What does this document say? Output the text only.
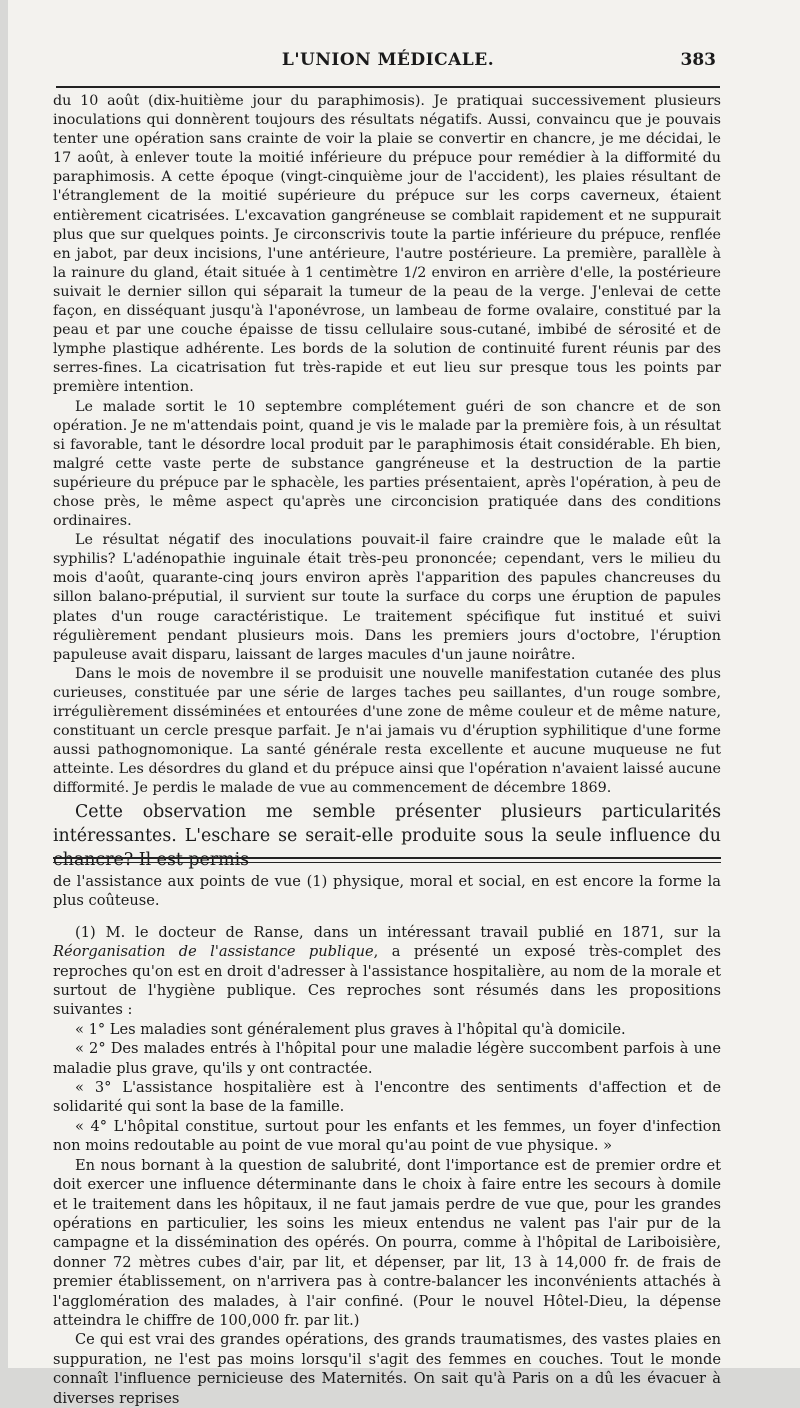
L'UNION MÉDICALE.	383

du 10 août (dix-huitième jour du paraphimosis). Je pratiquai successivement plusieurs inoculations qui donnèrent toujours des résultats négatifs. Aussi, convaincu que je pouvais tenter une opération sans crainte de voir la plaie se convertir en chancre, je me décidai, le 17 août, à enlever toute la moitié inférieure du prépuce pour remédier à la difformité du paraphimosis. A cette époque (vingt-cinquième jour de l'accident), les plaies résultant de l'étranglement de la moitié supérieure du prépuce sur les corps caverneux, étaient entièrement cicatrisées. L'excavation gangréneuse se comblait rapidement et ne suppurait plus que sur quelques points. Je circonscrivis toute la partie inférieure du prépuce, renflée en jabot, par deux incisions, l'une antérieure, l'autre postérieure. La première, parallèle à la rainure du gland, était située à 1 centimètre 1/2 environ en arrière d'elle, la postérieure suivait le dernier sillon qui séparait la tumeur de la peau de la verge. J'enlevai de cette façon, en disséquant jusqu'à l'aponévrose, un lambeau de forme ovalaire, constitué par la peau et par une couche épaisse de tissu cellulaire sous-cutané, imbibé de sérosité et de lymphe plastique adhérente. Les bords de la solution de continuité furent réunis par des serres-fines. La cicatrisation fut très-rapide et eut lieu sur presque tous les points par première intention.

Le malade sortit le 10 septembre complétement guéri de son chancre et de son opération. Je ne m'attendais point, quand je vis le malade par la première fois, à un résultat si favorable, tant le désordre local produit par le paraphimosis était considérable. Eh bien, malgré cette vaste perte de substance gangréneuse et la destruction de la partie supérieure du prépuce par le sphacèle, les parties présentaient, après l'opération, à peu de chose près, le même aspect qu'après une circoncision pratiquée dans des conditions ordinaires.

Le résultat négatif des inoculations pouvait-il faire craindre que le malade eût la syphilis? L'adénopathie inguinale était très-peu prononcée; cependant, vers le milieu du mois d'août, quarante-cinq jours environ après l'apparition des papules chancreuses du sillon balano-préputial, il survient sur toute la surface du corps une éruption de papules plates d'un rouge caractéristique. Le traitement spécifique fut institué et suivi régulièrement pendant plusieurs mois. Dans les premiers jours d'octobre, l'éruption papuleuse avait disparu, laissant de larges macules d'un jaune noirâtre.

Dans le mois de novembre il se produisit une nouvelle manifestation cutanée des plus curieuses, constituée par une série de larges taches peu saillantes, d'un rouge sombre, irrégulièrement disséminées et entourées d'une zone de même couleur et de même nature, constituant un cercle presque parfait. Je n'ai jamais vu d'éruption syphilitique d'une forme aussi pathognomonique. La santé générale resta excellente et aucune muqueuse ne fut atteinte. Les désordres du gland et du prépuce ainsi que l'opération n'avaient laissé aucune difformité. Je perdis le malade de vue au commencement de décembre 1869.

Cette observation me semble présenter plusieurs particularités intéressantes. L'eschare se serait-elle produite sous la seule influence du chancre? Il est permis

de l'assistance aux points de vue (1) physique, moral et social, en est encore la forme la plus coûteuse.

(1) M. le docteur de Ranse, dans un intéressant travail publié en 1871, sur la Réorganisation de l'assistance publique, a présenté un exposé très-complet des reproches qu'on est en droit d'adresser à l'assistance hospitalière, au nom de la morale et surtout de l'hygiène publique. Ces reproches sont résumés dans les propositions suivantes :

« 1° Les maladies sont généralement plus graves à l'hôpital qu'à domicile.

« 2° Des malades entrés à l'hôpital pour une maladie légère succombent parfois à une maladie plus grave, qu'ils y ont contractée.

« 3° L'assistance hospitalière est à l'encontre des sentiments d'affection et de solidarité qui sont la base de la famille.

« 4° L'hôpital constitue, surtout pour les enfants et les femmes, un foyer d'infection non moins redoutable au point de vue moral qu'au point de vue physique. »

En nous bornant à la question de salubrité, dont l'importance est de premier ordre et doit exercer une influence déterminante dans le choix à faire entre les secours à domile et le traitement dans les hôpitaux, il ne faut jamais perdre de vue que, pour les grandes opérations en particulier, les soins les mieux entendus ne valent pas l'air pur de la campagne et la dissémination des opérés. On pourra, comme à l'hôpital de Lariboisière, donner 72 mètres cubes d'air, par lit, et dépenser, par lit, 13 à 14,000 fr. de frais de premier établissement, on n'arrivera pas à contre-balancer les inconvénients attachés à l'agglomération des malades, à l'air confiné. (Pour le nouvel Hôtel-Dieu, la dépense atteindra le chiffre de 100,000 fr. par lit.)

Ce qui est vrai des grandes opérations, des grands traumatismes, des vastes plaies en suppuration, ne l'est pas moins lorsqu'il s'agit des femmes en couches. Tout le monde connaît l'influence pernicieuse des Maternités. On sait qu'à Paris on a dû les évacuer à diverses reprises
